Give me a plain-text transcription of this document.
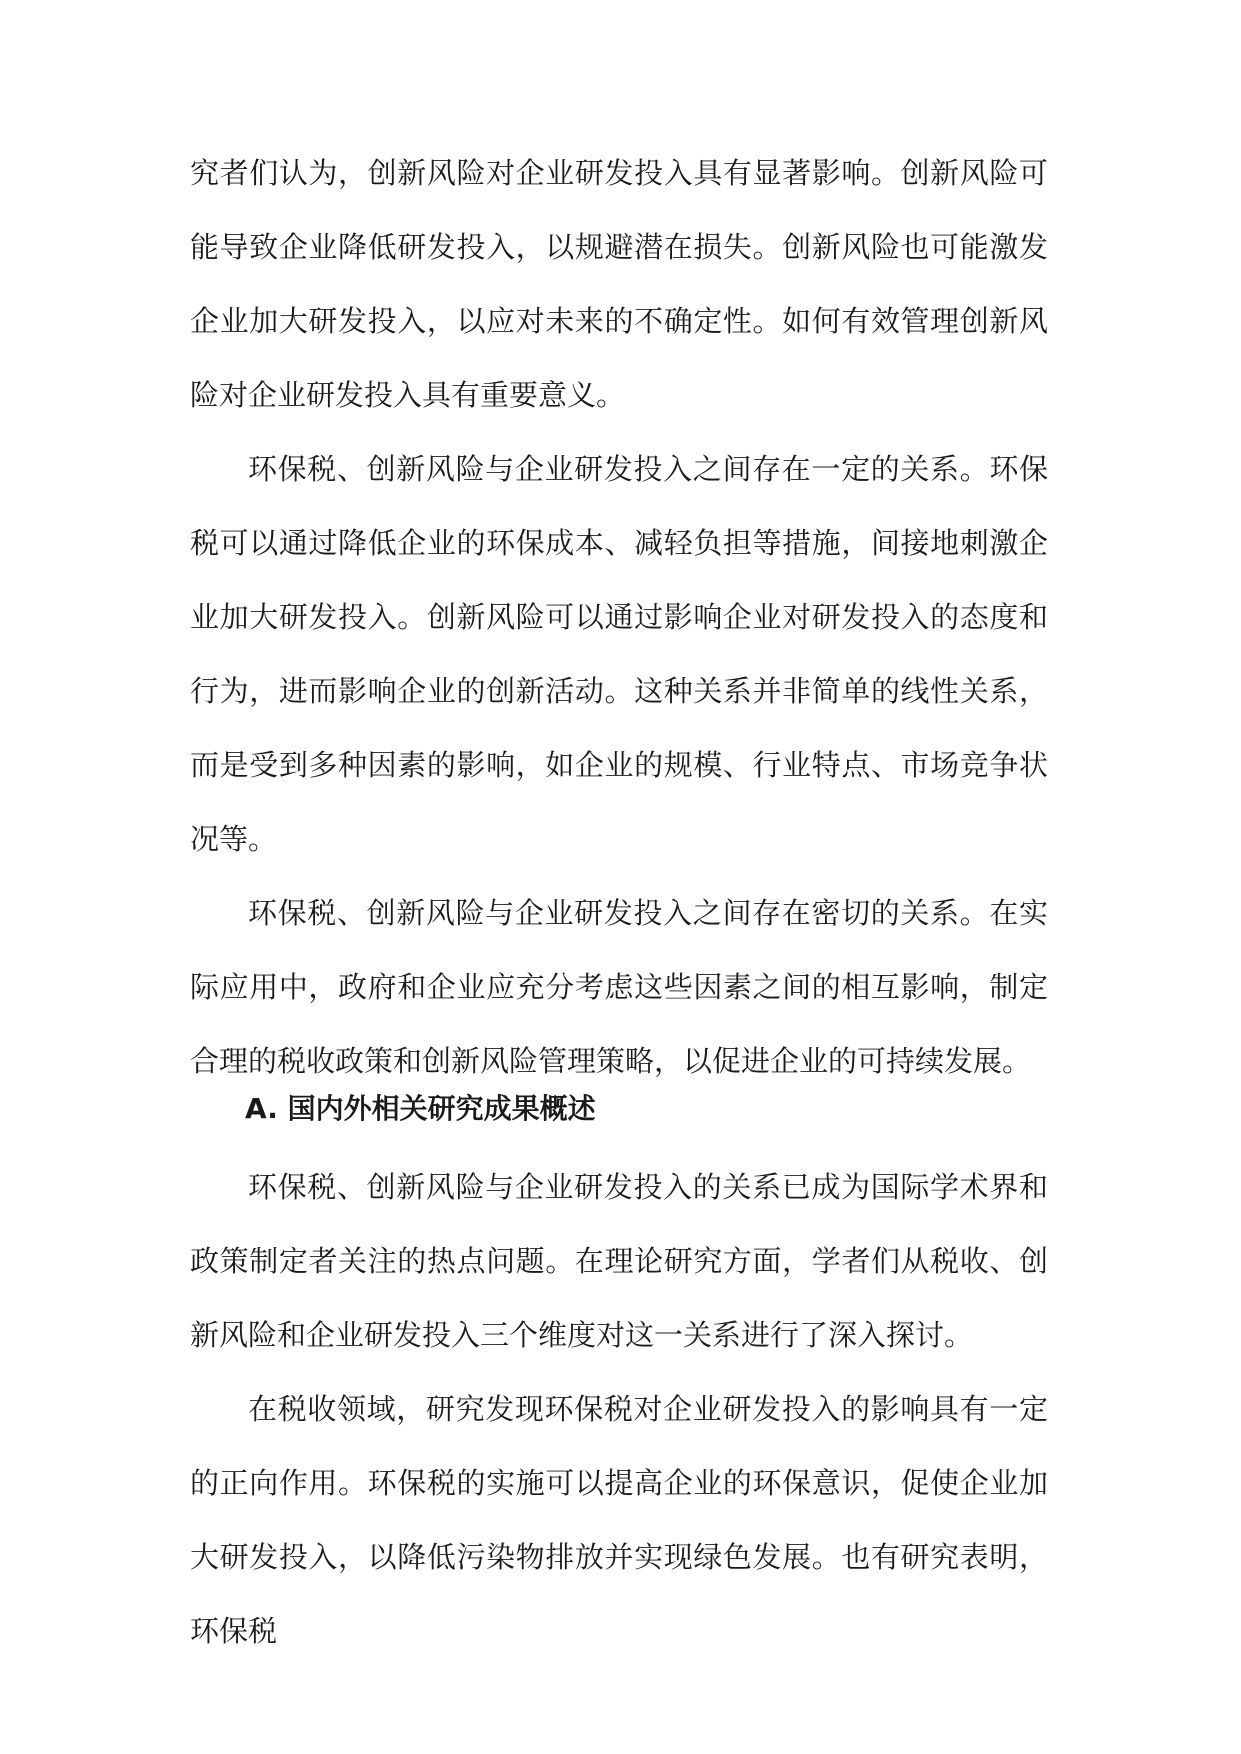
究者们认为，创新风险对企业研发投入具有显著影响。创新风险可能导致企业降低研发投入，以规避潜在损失。创新风险也可能激发企业加大研发投入，以应对未来的不确定性。如何有效管理创新风险对企业研发投入具有重要意义。

环保税、创新风险与企业研发投入之间存在一定的关系。环保税可以通过降低企业的环保成本、减轻负担等措施，间接地刺激企业加大研发投入。创新风险可以通过影响企业对研发投入的态度和行为，进而影响企业的创新活动。这种关系并非简单的线性关系，而是受到多种因素的影响，如企业的规模、行业特点、市场竞争状况等。

环保税、创新风险与企业研发投入之间存在密切的关系。在实际应用中，政府和企业应充分考虑这些因素之间的相互影响，制定合理的税收政策和创新风险管理策略，以促进企业的可持续发展。

A. 国内外相关研究成果概述

环保税、创新风险与企业研发投入的关系已成为国际学术界和政策制定者关注的热点问题。在理论研究方面，学者们从税收、创新风险和企业研发投入三个维度对这一关系进行了深入探讨。

在税收领域，研究发现环保税对企业研发投入的影响具有一定的正向作用。环保税的实施可以提高企业的环保意识，促使企业加大研发投入，以降低污染物排放并实现绿色发展。也有研究表明，环保税
